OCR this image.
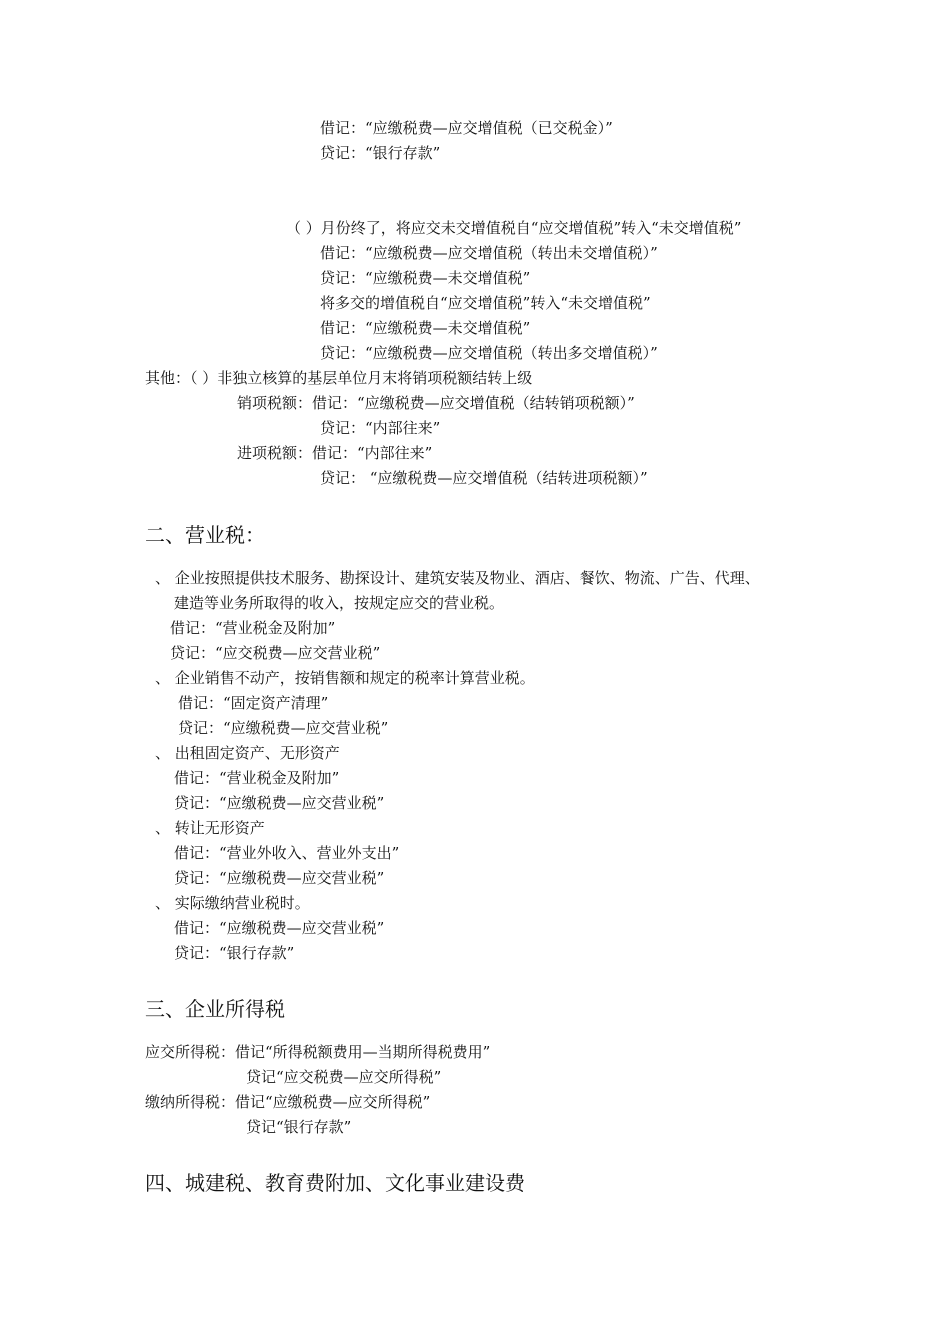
借记：“应缴税费—应交增值税（已交税金）”
贷记：“银行存款”
（ ）月份终了，将应交未交增值税自“应交增值税”转入“未交增值税”
借记：“应缴税费—应交增值税（转出未交增值税）”
贷记：“应缴税费—未交增值税”
将多交的增值税自“应交增值税”转入“未交增值税”
借记：“应缴税费—未交增值税”
贷记：“应缴税费—应交增值税（转出多交增值税）”
其他：（ ）非独立核算的基层单位月末将销项税额结转上级
销项税额：借记：“应缴税费—应交增值税（结转销项税额）”
贷记：“内部往来”
进项税额：借记：“内部往来”
贷记： “应缴税费—应交增值税（结转进项税额）”
二、营业税：
、 企业按照提供技术服务、勘探设计、建筑安装及物业、酒店、餐饮、物流、广告、代理、
建造等业务所取得的收入，按规定应交的营业税。
借记：“营业税金及附加”
贷记：“应交税费—应交营业税”
、 企业销售不动产，按销售额和规定的税率计算营业税。
借记：“固定资产清理”
贷记：“应缴税费—应交营业税”
、 出租固定资产、无形资产
借记：“营业税金及附加”
贷记：“应缴税费—应交营业税”
、 转让无形资产
借记：“营业外收入、营业外支出”
贷记：“应缴税费—应交营业税”
、 实际缴纳营业税时。
借记：“应缴税费—应交营业税”
贷记：“银行存款”
三、企业所得税
应交所得税：借记“所得税额费用—当期所得税费用”
贷记“应交税费—应交所得税”
缴纳所得税：借记“应缴税费—应交所得税”
贷记“银行存款”
四、城建税、教育费附加、文化事业建设费
